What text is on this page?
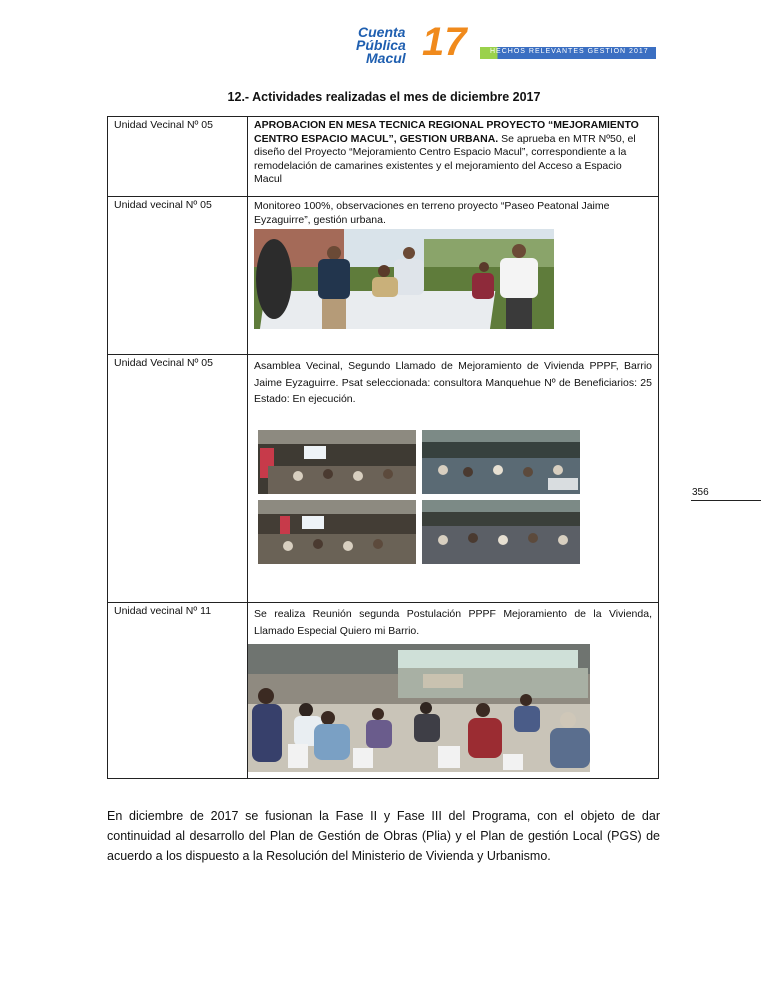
Cuenta
Pública
Macul 17	HECHOS RELEVANTES GESTION 2017
12.- Actividades realizadas el mes de diciembre 2017
Unidad Vecinal Nº 05	APROBACION EN MESA TECNICA REGIONAL PROYECTO “MEJORAMIENTO CENTRO ESPACIO MACUL”, GESTION URBANA. Se aprueba en MTR Nº50, el diseño del Proyecto “Mejoramiento Centro Espacio Macul”, correspondiente a la remodelación de camarines existentes y el mejoramiento del Acceso a Espacio Macul
Unidad vecinal Nº 05	Monitoreo 100%, observaciones en terreno proyecto “Paseo Peatonal Jaime Eyzaguirre”, gestión urbana.

Unidad Vecinal Nº 05	Asamblea Vecinal, Segundo Llamado de Mejoramiento de Vivienda PPPF, Barrio Jaime Eyzaguirre. Psat seleccionada: consultora Manquehue Nº de Beneficiarios: 25 Estado: En ejecución.

Unidad vecinal Nº 11	Se realiza Reunión segunda Postulación PPPF Mejoramiento de la Vivienda, Llamado Especial Quiero mi Barrio.
356
En diciembre de 2017 se fusionan la Fase II y Fase III del Programa, con el objeto de dar continuidad al desarrollo del Plan de Gestión de Obras (Plia) y el Plan de gestión Local (PGS) de acuerdo a los dispuesto a la Resolución del Ministerio de Vivienda y Urbanismo.
